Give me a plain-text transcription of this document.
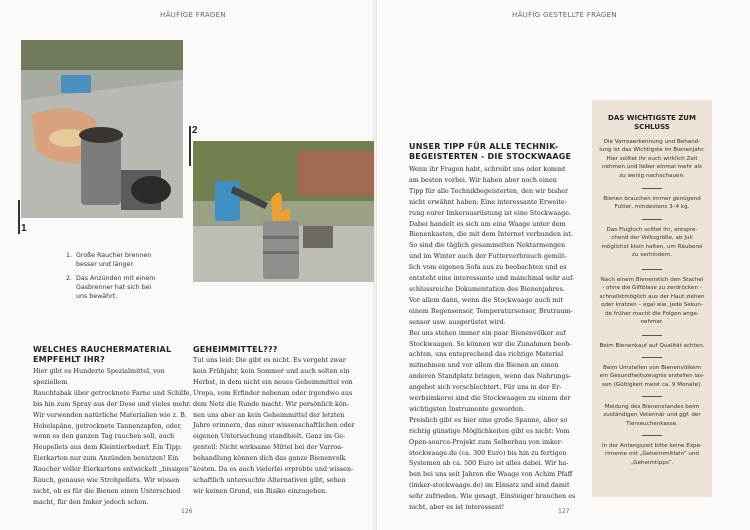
HÄUFIGE FRAGEN	HÄUFIG GESTELLTE FRAGEN
1
2
1. Große Raucher brennen besser und länger.
2. Das Anzünden mit einem Gasbrenner hat sich bei uns bewährt.
WELCHES RAUCHERMATERIAL EMPFEHLT IHR?
Hier gibt es Hunderte Spezialmittel, von speziellem
Rauchtabak über getrocknete Farne und Schilfe,
bis hin zum Spray aus der Dose und vieles mehr.
Wir verwenden natürliche Materialien wie z. B.
Hobelspäne, getrocknete Tannenzapfen, oder,
wenn es den ganzen Tag rauchen soll, auch
Heupellets aus dem Kleintierbedarf. Ein Tipp:
Eierkarton nur zum Anzünden benutzen! Ein
Raucher voller Eierkartons entwickelt „bissigen“
Rauch, genauso wie Strohpellets. Wir wissen
nicht, ob es für die Bienen einen Unterschied
macht, für den Imker jedoch schon.
GEHEIMMITTEL???
Tut uns leid: Die gibt es nicht. Es vergeht zwar
kein Frühjahr, kein Sommer und auch selten ein
Herbst, in dem nicht ein neues Geheimmittel von
Uropa, vom Erfinder nebenan oder irgendwo aus
dem Netz die Runde macht. Wir persönlich kön-
nen uns aber an kein Geheimmittel der letzten
Jahre erinnern, das einer wissenschaftlichen oder
eigenen Untersuchung standhielt. Ganz im Ge-
genteil: Nicht wirksame Mittel bei der Varroa-
behandlung können dich das ganze Bienenvolk
kosten. Da es auch vielerlei erprobte und wissen-
schaftlich untersuchte Alternativen gibt, sehen
wir keinen Grund, ein Risiko einzugehen.
UNSER TIPP FÜR ALLE TECHNIK-
BEGEISTERTEN - DIE STOCKWAAGE
Wenn ihr Fragen habt, schreibt uns oder kommt
am besten vorbei. Wir haben aber noch einen
Tipp für alle Technikbegeisterten, den wir bisher
nicht erwähnt haben: Eine interessante Erweite-
rung eurer Imkerausrüstung ist eine Stockwaage.
Dabei handelt es sich um eine Waage unter dem
Bienenkasten, die mit dem Internet verbunden ist.
So sind die täglich gesammelten Nektarmengen
und im Winter auch der Futterverbrauch gemüt-
lich vom eigenen Sofa aus zu beobachten und es
entsteht eine interessante und manchmal sehr auf-
schlussreiche Dokumentation des Bienenjahres.
Vor allem dann, wenn die Stockwaage auch mit
einem Regensensor, Temperatursensor, Brutraum-
sensor usw. ausgerüstet wird.
Bei uns stehen immer ein paar Bienenvölker auf
Stockwaagen. So können wir die Zunahmen beob-
achten, uns entsprechend das richtige Material
mitnehmen und vor allem die Bienen an einen
anderen Standplatz bringen, wenn das Nahrungs-
angebot sich verschlechtert. Für uns in der Er-
werbsimkerei sind die Stockwaagen zu einem der
wichtigsten Instrumente geworden.
Preislich gibt es hier eine große Spanne, aber so
richtig günstige Möglichkeiten gibt es nicht: Vom
Open-source-Projekt zum Selberbau von imker-
stockwaage.de (ca. 300 Euro) bis hin zu fertigen
Systemen ab ca. 500 Euro ist alles dabei. Wir ha-
ben bei uns seit Jahren die Waage von Achim Pfaff
(imker-stockwaage.de) im Einsatz und sind damit
sehr zufrieden. Wie gesagt, Einsteiger brauchen es
nicht, aber es ist interessant!
DAS WICHTIGSTE ZUM
SCHLUSS
Die Varroaerkennung und Behand-
lung ist das Wichtigste im Bienenjahr.
Hier solltet ihr euch wirklich Zeit
nehmen und lieber einmal mehr als
zu wenig nachschauen.
Bienen brauchen immer genügend
Futter, mindestens 3–4 kg.
Das Flugloch solltet ihr, entspre-
chend der Volksgröße, ab Juli
möglichst klein halten, um Räuberei
zu verhindern.
Nach einem Bienenstich den Stachel
- ohne die Giftblase zu zerdrücken -
schnellstmöglich aus der Haut ziehen
oder kratzen – egal wie. Jede Sekun-
de früher macht die Folgen ange-
nehmer.
Beim Bienenkauf auf Qualität achten.
Beim Umstellen von Bienenvölkern
ein Gesundheitszeugnis erstellen las-
sen (Gültigkeit meist ca. 9 Monate).
Meldung des Bienenstandes beim
zuständigen Veterinär und ggf. der
Tierseuchenkasse.
In der Anfangszeit bitte keine Expe-
rimente mit „Geheimmitteln“ und
„Geheimtipps“.
126	127
